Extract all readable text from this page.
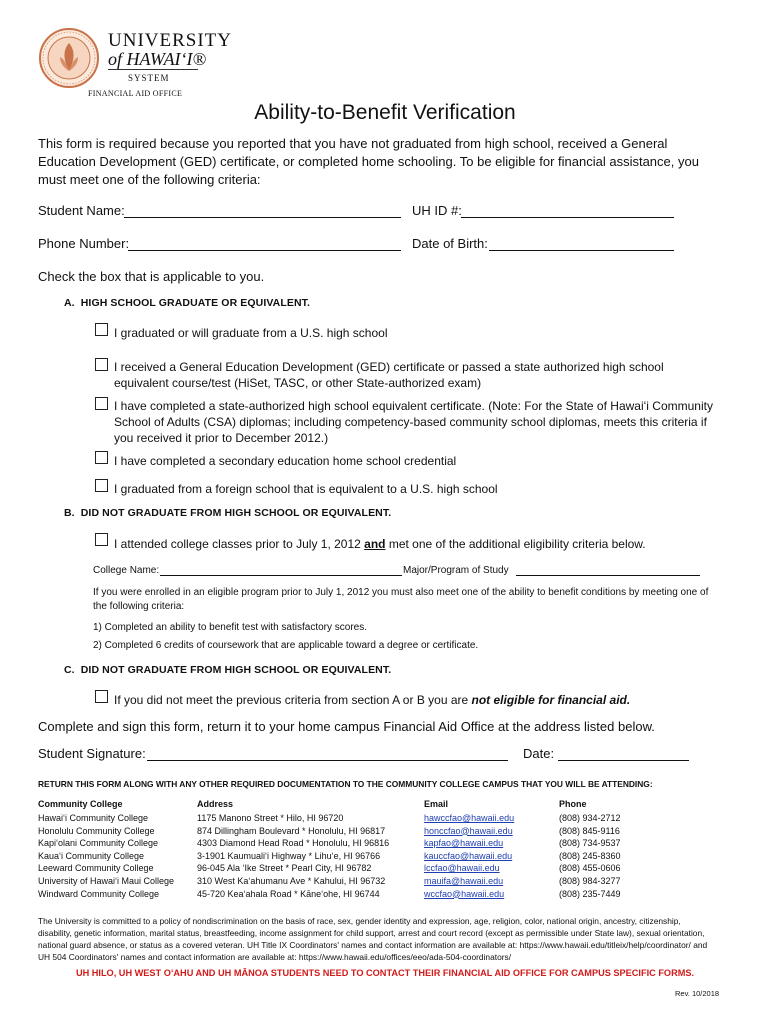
UNIVERSITY
of HAWAIʻI®
SYSTEM
FINANCIAL AID OFFICE
Ability-to-Benefit Verification
This form is required because you reported that you have not graduated from high school, received a General Education Development (GED) certificate, or completed home schooling. To be eligible for financial assistance, you must meet one of the following criteria:
Student Name:	UH ID #:
Phone Number:	Date of Birth:
Check the box that is applicable to you.
A. HIGH SCHOOL GRADUATE OR EQUIVALENT.
I graduated or will graduate from a U.S. high school
I received a General Education Development (GED) certificate or passed a state authorized high school equivalent course/test (HiSet, TASC, or other State-authorized exam)
I have completed a state-authorized high school equivalent certificate. (Note: For the State of Hawaiʻi Community School of Adults (CSA) diplomas; including competency-based community school diplomas, meets this criteria if you received it prior to December 2012.)
I have completed a secondary education home school credential
I graduated from a foreign school that is equivalent to a U.S. high school
B. DID NOT GRADUATE FROM HIGH SCHOOL OR EQUIVALENT.
I attended college classes prior to July 1, 2012 and met one of the additional eligibility criteria below.
College Name:	Major/Program of Study
If you were enrolled in an eligible program prior to July 1, 2012 you must also meet one of the ability to benefit conditions by meeting one of the following criteria:
1) Completed an ability to benefit test with satisfactory scores.
2) Completed 6 credits of coursework that are applicable toward a degree or certificate.
C. DID NOT GRADUATE FROM HIGH SCHOOL OR EQUIVALENT.
If you did not meet the previous criteria from section A or B you are not eligible for financial aid.
Complete and sign this form, return it to your home campus Financial Aid Office at the address listed below.
Student Signature:	Date:
RETURN THIS FORM ALONG WITH ANY OTHER REQUIRED DOCUMENTATION TO THE COMMUNITY COLLEGE CAMPUS THAT YOU WILL BE ATTENDING:
Community College	Address	Email	Phone
Hawaiʻi Community College	1175 Manono Street * Hilo, HI 96720	hawccfao@hawaii.edu	(808) 934-2712
Honolulu Community College	874 Dillingham Boulevard * Honolulu, HI 96817	honccfao@hawaii.edu	(808) 845-9116
Kapiʻolani Community College	4303 Diamond Head Road * Honolulu, HI 96816	kapfao@hawaii.edu	(808) 734-9537
Kauaʻi Community College	3-1901 Kaumualiʻi Highway * Lihuʻe, HI 96766	kauccfao@hawaii.edu	(808) 245-8360
Leeward Community College	96-045 Ala ʻIke Street * Pearl City, HI 96782	lccfao@hawaii.edu	(808) 455-0606
University of Hawaiʻi Maui College	310 West Kaʻahumanu Ave * Kahului, HI 96732	mauifa@hawaii.edu	(808) 984-3277
Windward Community College	45-720 Keaʻahala Road * Kāneʻohe, HI 96744	wccfao@hawaii.edu	(808) 235-7449
The University is committed to a policy of nondiscrimination on the basis of race, sex, gender identity and expression, age, religion, color, national origin, ancestry, citizenship, disability, genetic information, marital status, breastfeeding, income assignment for child support, arrest and court record (except as permissible under State law), sexual orientation, national guard absence, or status as a covered veteran. UH Title IX Coordinators' names and contact information are available at: https://www.hawaii.edu/titleix/help/coordinator/ and UH 504 Coordinators' names and contact information are available at: https://www.hawaii.edu/offices/eeo/ada-504-coordinators/
UH HILO, UH WEST OʻAHU AND UH MĀNOA STUDENTS NEED TO CONTACT THEIR FINANCIAL AID OFFICE FOR CAMPUS SPECIFIC FORMS.
Rev. 10/2018
